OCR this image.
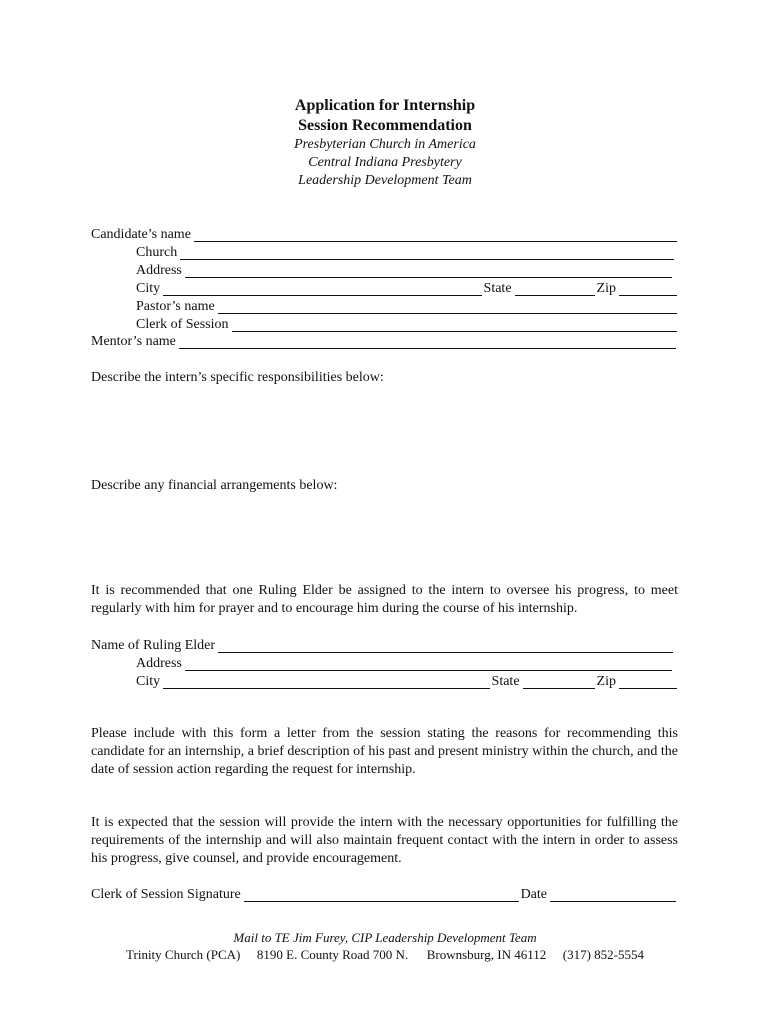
Application for Internship
Session Recommendation
Presbyterian Church in America
Central Indiana Presbytery
Leadership Development Team
Candidate’s name
Church
Address
City	State	Zip
Pastor’s name
Clerk of Session
Mentor’s name
Describe the intern’s specific responsibilities below:
Describe any financial arrangements below:
It is recommended that one Ruling Elder be assigned to the intern to oversee his progress, to meet regularly with him for prayer and to encourage him during the course of his internship.
Name of Ruling Elder
Address
City	State	Zip
Please include with this form a letter from the session stating the reasons for recommending this candidate for an internship, a brief description of his past and present ministry within the church, and the date of session action regarding the request for internship.
It is expected that the session will provide the intern with the necessary opportunities for fulfilling the requirements of the internship and will also maintain frequent contact with the intern in order to assess his progress, give counsel, and provide encouragement.
Clerk of Session Signature	Date
Mail to TE Jim Furey, CIP Leadership Development Team
Trinity Church (PCA) 8190 E. County Road 700 N. Brownsburg, IN 46112 (317) 852-5554
